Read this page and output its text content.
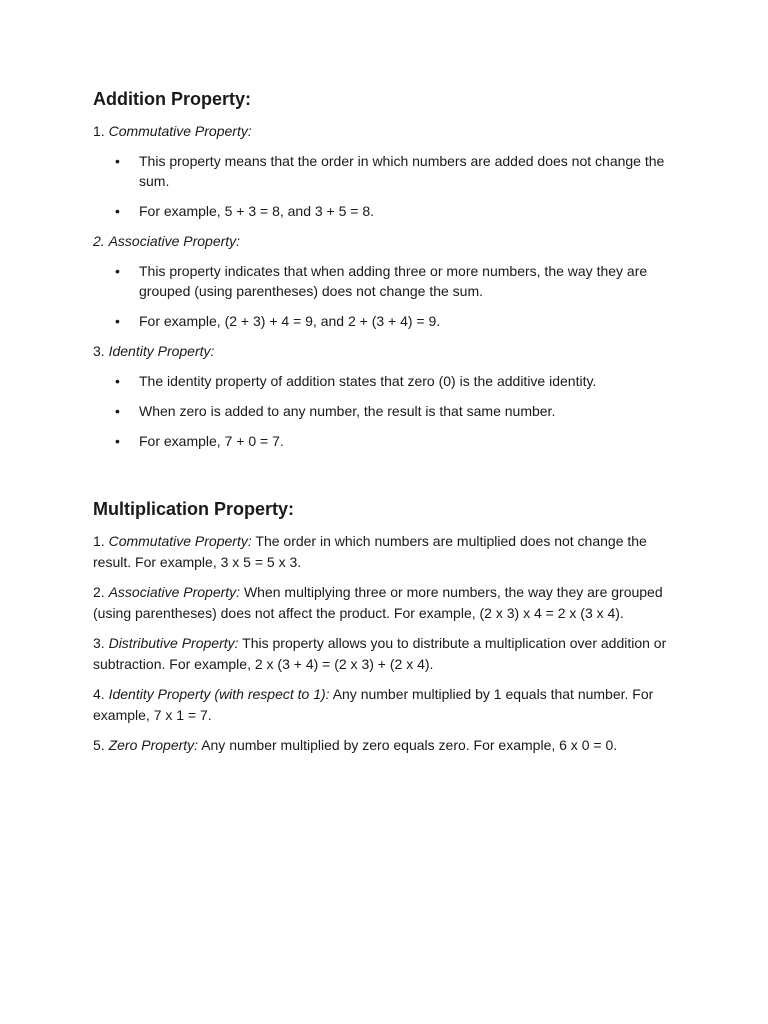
Addition Property:

1. Commutative Property:

• This property means that the order in which numbers are added does not change the sum.
• For example, 5 + 3 = 8, and 3 + 5 = 8.

2. Associative Property:

• This property indicates that when adding three or more numbers, the way they are grouped (using parentheses) does not change the sum.
• For example, (2 + 3) + 4 = 9, and 2 + (3 + 4) = 9.

3. Identity Property:

• The identity property of addition states that zero (0) is the additive identity.
• When zero is added to any number, the result is that same number.
• For example, 7 + 0 = 7.
Multiplication Property:

1. Commutative Property: The order in which numbers are multiplied does not change the result. For example, 3 x 5 = 5 x 3.

2. Associative Property: When multiplying three or more numbers, the way they are grouped (using parentheses) does not affect the product. For example, (2 x 3) x 4 = 2 x (3 x 4).

3. Distributive Property: This property allows you to distribute a multiplication over addition or subtraction. For example, 2 x (3 + 4) = (2 x 3) + (2 x 4).

4. Identity Property (with respect to 1): Any number multiplied by 1 equals that number. For example, 7 x 1 = 7.

5. Zero Property: Any number multiplied by zero equals zero. For example, 6 x 0 = 0.
